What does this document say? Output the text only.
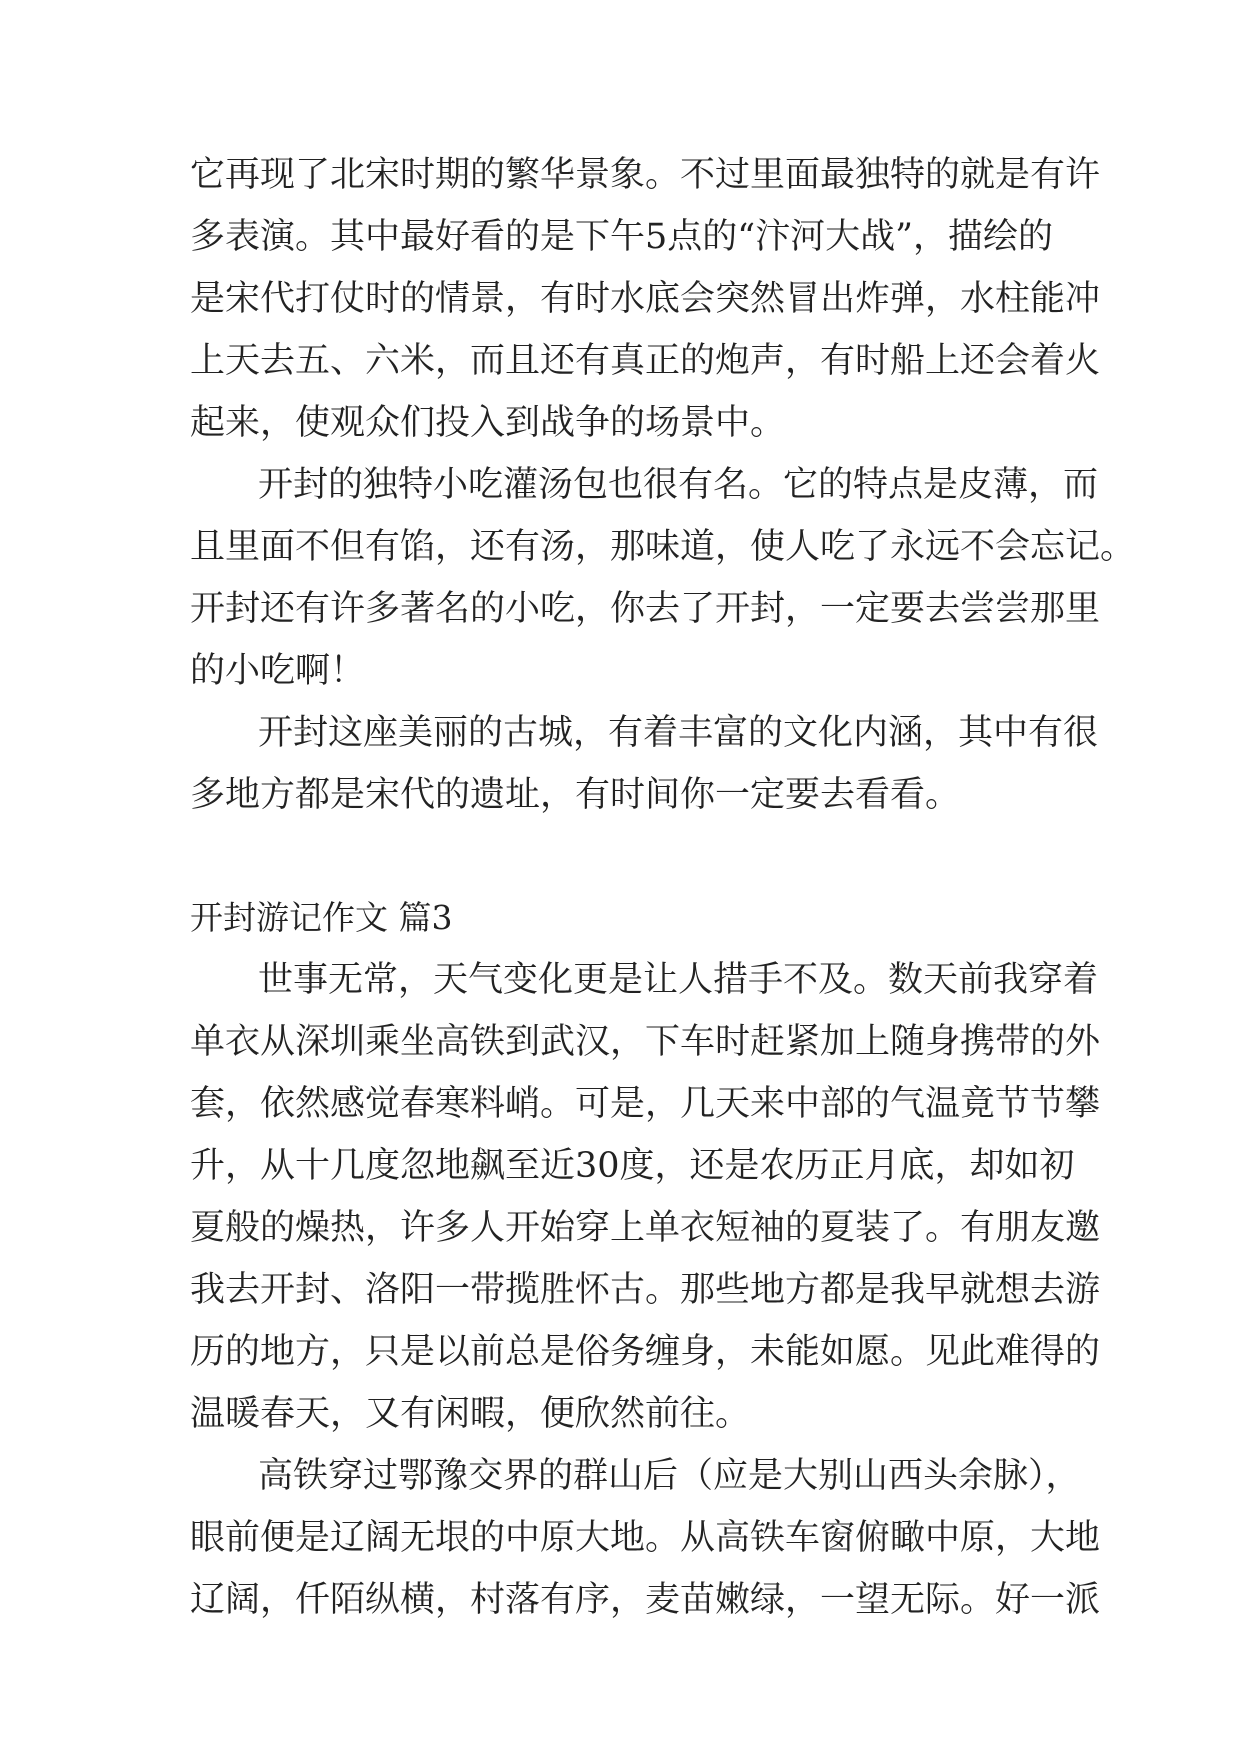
它再现了北宋时期的繁华景象。不过里面最独特的就是有许
多表演。其中最好看的是下午5点的“汴河大战”，描绘的
是宋代打仗时的情景，有时水底会突然冒出炸弹，水柱能冲
上天去五、六米，而且还有真正的炮声，有时船上还会着火
起来，使观众们投入到战争的场景中。
开封的独特小吃灌汤包也很有名。它的特点是皮薄，而
且里面不但有馅，还有汤，那味道，使人吃了永远不会忘记。
开封还有许多著名的小吃，你去了开封，一定要去尝尝那里
的小吃啊！
开封这座美丽的古城，有着丰富的文化内涵，其中有很
多地方都是宋代的遗址，有时间你一定要去看看。
开封游记作文 篇3
世事无常，天气变化更是让人措手不及。数天前我穿着
单衣从深圳乘坐高铁到武汉，下车时赶紧加上随身携带的外
套，依然感觉春寒料峭。可是，几天来中部的气温竟节节攀
升，从十几度忽地飙至近30度，还是农历正月底，却如初
夏般的燥热，许多人开始穿上单衣短袖的夏装了。有朋友邀
我去开封、洛阳一带揽胜怀古。那些地方都是我早就想去游
历的地方，只是以前总是俗务缠身，未能如愿。见此难得的
温暖春天，又有闲暇，便欣然前往。
高铁穿过鄂豫交界的群山后（应是大别山西头余脉），
眼前便是辽阔无垠的中原大地。从高铁车窗俯瞰中原，大地
辽阔，仟陌纵横，村落有序，麦苗嫩绿，一望无际。好一派
